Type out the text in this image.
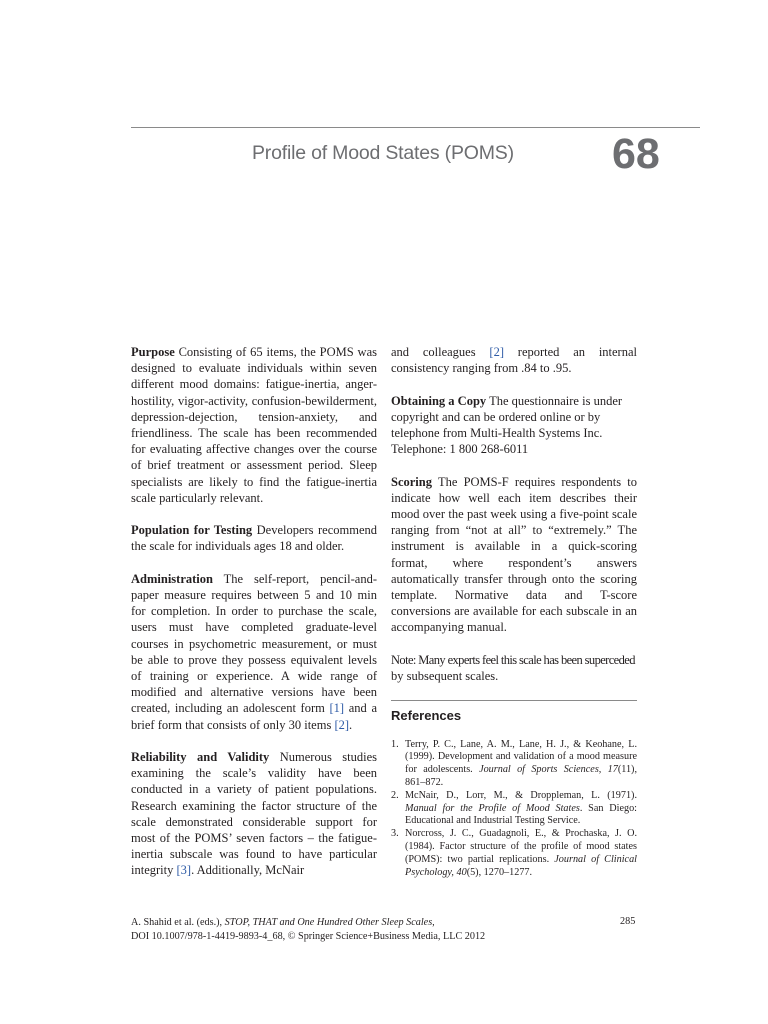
Profile of Mood States (POMS) 68

Purpose Consisting of 65 items, the POMS was designed to evaluate individuals within seven different mood domains: fatigue-inertia, anger-hostility, vigor-activity, confusion-bewilderment, depression-dejection, tension-anxiety, and friendliness. The scale has been recommended for evaluating affective changes over the course of brief treatment or assessment period. Sleep specialists are likely to find the fatigue-inertia scale particularly relevant.

Population for Testing Developers recommend the scale for individuals ages 18 and older.

Administration The self-report, pencil-and-paper measure requires between 5 and 10 min for completion. In order to purchase the scale, users must have completed graduate-level courses in psychometric measurement, or must be able to prove they possess equivalent levels of training or experience. A wide range of modified and alternative versions have been created, including an adolescent form [1] and a brief form that consists of only 30 items [2].

Reliability and Validity Numerous studies examining the scale’s validity have been conducted in a variety of patient populations. Research examining the factor structure of the scale demonstrated considerable support for most of the POMS’ seven factors – the fatigue-inertia subscale was found to have particular integrity [3]. Additionally, McNair

and colleagues [2] reported an internal consistency ranging from .84 to .95.

Obtaining a Copy The questionnaire is under copyright and can be ordered online or by telephone from Multi-Health Systems Inc.
Telephone: 1 800 268-6011

Scoring The POMS-F requires respondents to indicate how well each item describes their mood over the past week using a five-point scale ranging from “not at all” to “extremely.” The instrument is available in a quick-scoring format, where respondent’s answers automatically transfer through onto the scoring template. Normative data and T-score conversions are available for each subscale in an accompanying manual.

Note: Many experts feel this scale has been superceded
by subsequent scales.

References
1. Terry, P. C., Lane, A. M., Lane, H. J., & Keohane, L. (1999). Development and validation of a mood measure for adolescents. Journal of Sports Sciences, 17(11), 861–872.
2. McNair, D., Lorr, M., & Droppleman, L. (1971). Manual for the Profile of Mood States. San Diego: Educational and Industrial Testing Service.
3. Norcross, J. C., Guadagnoli, E., & Prochaska, J. O. (1984). Factor structure of the profile of mood states (POMS): two partial replications. Journal of Clinical Psychology, 40(5), 1270–1277.
A. Shahid et al. (eds.), STOP, THAT and One Hundred Other Sleep Scales,
DOI 10.1007/978-1-4419-9893-4_68, © Springer Science+Business Media, LLC 2012
285
